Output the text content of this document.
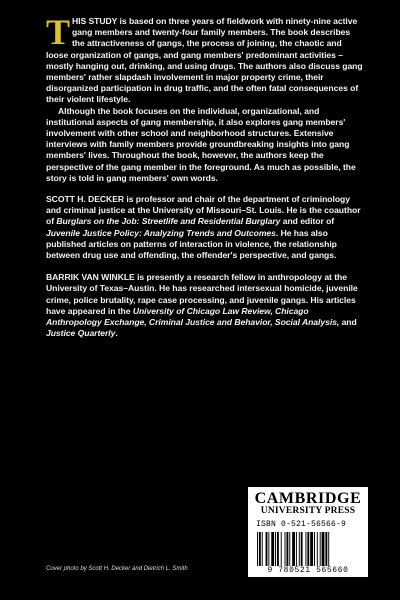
THIS STUDY is based on three years of fieldwork with ninety-nine active gang members and twenty-four family members. The book describes the attractiveness of gangs, the process of joining, the chaotic and loose organization of gangs, and gang members' predominant activities – mostly hanging out, drinking, and using drugs. The authors also discuss gang members' rather slapdash involvement in major property crime, their disorganized participation in drug traffic, and the often fatal consequences of their violent lifestyle.

Although the book focuses on the individual, organizational, and institutional aspects of gang membership, it also explores gang members' involvement with other school and neighborhood structures. Extensive interviews with family members provide groundbreaking insights into gang members' lives. Throughout the book, however, the authors keep the perspective of the gang member in the foreground. As much as possible, the story is told in gang members' own words.

SCOTT H. DECKER is professor and chair of the department of criminology and criminal justice at the University of Missouri–St. Louis. He is the coauthor of Burglars on the Job: Streetlife and Residential Burglary and editor of Juvenile Justice Policy: Analyzing Trends and Outcomes. He has also published articles on patterns of interaction in violence, the relationship between drug use and offending, the offender's perspective, and gangs.

BARRIK VAN WINKLE is presently a research fellow in anthropology at the University of Texas–Austin. He has researched intersexual homicide, juvenile crime, police brutality, rape case processing, and juvenile gangs. His articles have appeared in the University of Chicago Law Review, Chicago Anthropology Exchange, Criminal Justice and Behavior, Social Analysis, and Justice Quarterly.

CAMBRIDGE
UNIVERSITY PRESS
ISBN 0-521-56566-9
9 780521 565660
Cover photo by Scott H. Decker and Dietrich L. Smith
